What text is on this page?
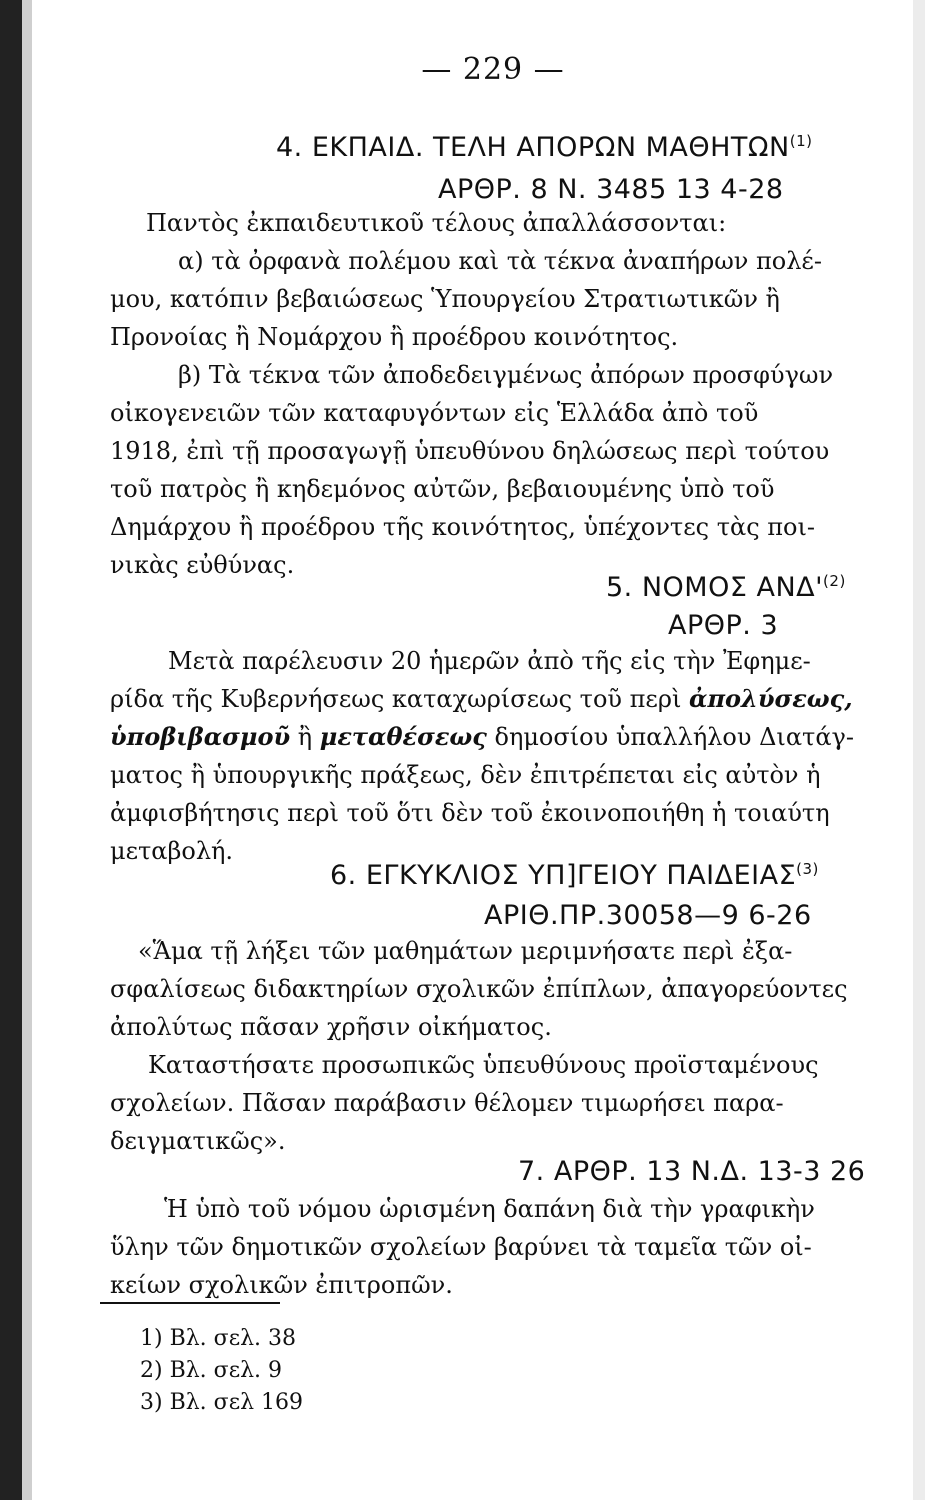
— 229 —
4. ΕΚΠΑΙΔ. ΤΕΛΗ ΑΠΟΡΩΝ ΜΑΘΗΤΩΝ$^{(1)}$
ΑΡΘΡ. 8 Ν. 3485 13 4-28
Παντὸς ἐκπαιδευτικοῦ τέλους ἀπαλλάσσονται:
α) τὰ ὀρφανὰ πολέμου καὶ τὰ τέκνα ἀναπήρων πολέ-
μου, κατόπιν βεβαιώσεως Ὑπουργείου Στρατιωτικῶν ἢ
Προνοίας ἢ Νομάρχου ἢ προέδρου κοινότητος.
β) Τὰ τέκνα τῶν ἀποδεδειγμένως ἀπόρων προσφύγων
οἰκογενειῶν τῶν καταφυγόντων εἰς Ἑλλάδα ἀπὸ τοῦ
1918, ἐπὶ τῇ προσαγωγῇ ὑπευθύνου δηλώσεως περὶ τούτου
τοῦ πατρὸς ἢ κηδεμόνος αὐτῶν, βεβαιουμένης ὑπὸ τοῦ
Δημάρχου ἢ προέδρου τῆς κοινότητος, ὑπέχοντες τὰς ποι-
νικὰς εὐθύνας.
5. ΝΟΜΟΣ $AN\Delta'^{(2)}$
ΑΡΘΡ. 3
Μετὰ παρέλευσιν 20 ἡμερῶν ἀπὸ τῆς εἰς τὴν Ἐφημε-
ρίδα τῆς Κυβερνήσεως καταχωρίσεως τοῦ περὶ ἀπολύσεως,
ὑποβιβασμοῦ ἢ μεταθέσεως δημοσίου ὑπαλλήλου Διατάγ-
ματος ἢ ὑπουργικῆς πράξεως, δὲν ἐπιτρέπεται εἰς αὐτὸν ἡ
ἀμφισβήτησις περὶ τοῦ ὅτι δὲν τοῦ ἐκοινοποιήθη ἡ τοιαύτη
μεταβολή.
6. ΕΓΚΥΚΛΙΟΣ ΥΠ]ΓΕΙΟΥ ΠΑΙΔΕΙΑΣ$^{(3)}$
ΑΡΙΘ.ΠΡ.30058—9 6-26
«Ἅμα τῇ λήξει τῶν μαθημάτων μεριμνήσατε περὶ ἐξα-
σφαλίσεως διδακτηρίων σχολικῶν ἐπίπλων, ἀπαγορεύοντες
ἀπολύτως πᾶσαν χρῆσιν οἰκήματος.
Καταστήσατε προσωπικῶς ὑπευθύνους προϊσταμένους
σχολείων. Πᾶσαν παράβασιν θέλομεν τιμωρήσει παρα-
δειγματικῶς».
7. ΑΡΘΡ. 13 Ν.Δ. 13-3 26
Ἡ ὑπὸ τοῦ νόμου ὡρισμένη δαπάνη διὰ τὴν γραφικὴν
ὕλην τῶν δημοτικῶν σχολείων βαρύνει τὰ ταμεῖα τῶν οἰ-
κείων σχολικῶν ἐπιτροπῶν.
1) Βλ. σελ. 38
2) Βλ. σελ. 9
3) Βλ. σελ 169
